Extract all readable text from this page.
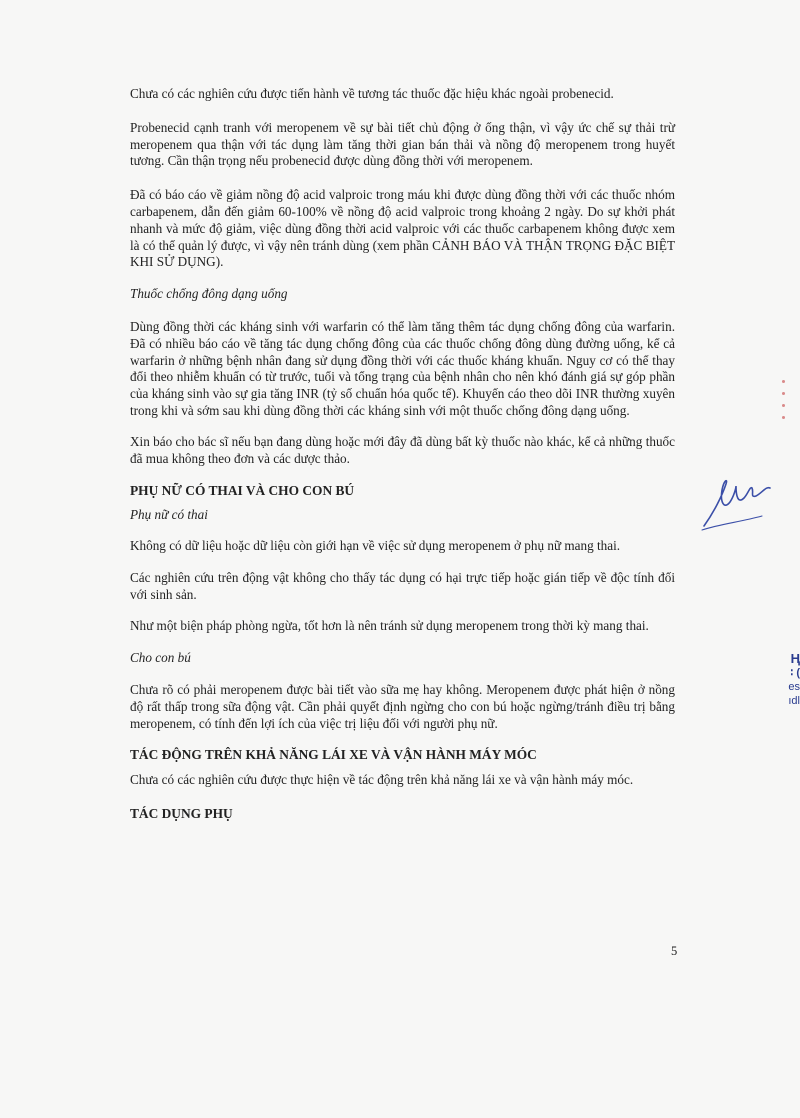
Chưa có các nghiên cứu được tiến hành về tương tác thuốc đặc hiệu khác ngoài probenecid.

Probenecid cạnh tranh với meropenem về sự bài tiết chủ động ở ống thận, vì vậy ức chế sự thải trừ meropenem qua thận với tác dụng làm tăng thời gian bán thải và nồng độ meropenem trong huyết tương. Cần thận trọng nếu probenecid được dùng đồng thời với meropenem.

Đã có báo cáo về giảm nồng độ acid valproic trong máu khi được dùng đồng thời với các thuốc nhóm carbapenem, dẫn đến giảm 60-100% về nồng độ acid valproic trong khoảng 2 ngày. Do sự khởi phát nhanh và mức độ giảm, việc dùng đồng thời acid valproic với các thuốc carbapenem không được xem là có thể quản lý được, vì vậy nên tránh dùng (xem phần CẢNH BÁO VÀ THẬN TRỌNG ĐẶC BIỆT KHI SỬ DỤNG).

Thuốc chống đông dạng uống

Dùng đồng thời các kháng sinh với warfarin có thể làm tăng thêm tác dụng chống đông của warfarin. Đã có nhiều báo cáo về tăng tác dụng chống đông của các thuốc chống đông dùng đường uống, kể cả warfarin ở những bệnh nhân đang sử dụng đồng thời với các thuốc kháng khuẩn. Nguy cơ có thể thay đổi theo nhiễm khuẩn có từ trước, tuổi và tổng trạng của bệnh nhân cho nên khó đánh giá sự góp phần của kháng sinh vào sự gia tăng INR (tỷ số chuẩn hóa quốc tế). Khuyến cáo theo dõi INR thường xuyên trong khi và sớm sau khi dùng đồng thời các kháng sinh với một thuốc chống đông dạng uống.

Xin báo cho bác sĩ nếu bạn đang dùng hoặc mới đây đã dùng bất kỳ thuốc nào khác, kể cả những thuốc đã mua không theo đơn và các dược thảo.

PHỤ NỮ CÓ THAI VÀ CHO CON BÚ

Phụ nữ có thai

Không có dữ liệu hoặc dữ liệu còn giới hạn về việc sử dụng meropenem ở phụ nữ mang thai.

Các nghiên cứu trên động vật không cho thấy tác dụng có hại trực tiếp hoặc gián tiếp về độc tính đối với sinh sản.

Như một biện pháp phòng ngừa, tốt hơn là nên tránh sử dụng meropenem trong thời kỳ mang thai.

Cho con bú

Chưa rõ có phải meropenem được bài tiết vào sữa mẹ hay không. Meropenem được phát hiện ở nồng độ rất thấp trong sữa động vật. Cần phải quyết định ngừng cho con bú hoặc ngừng/tránh điều trị bằng meropenem, có tính đến lợi ích của việc trị liệu đối với người phụ nữ.

TÁC ĐỘNG TRÊN KHẢ NĂNG LÁI XE VÀ VẬN HÀNH MÁY MÓC

Chưa có các nghiên cứu được thực hiện về tác động trên khả năng lái xe và vận hành máy móc.

TÁC DỤNG PHỤ

5
Ң
∶ (
es
ıdl
